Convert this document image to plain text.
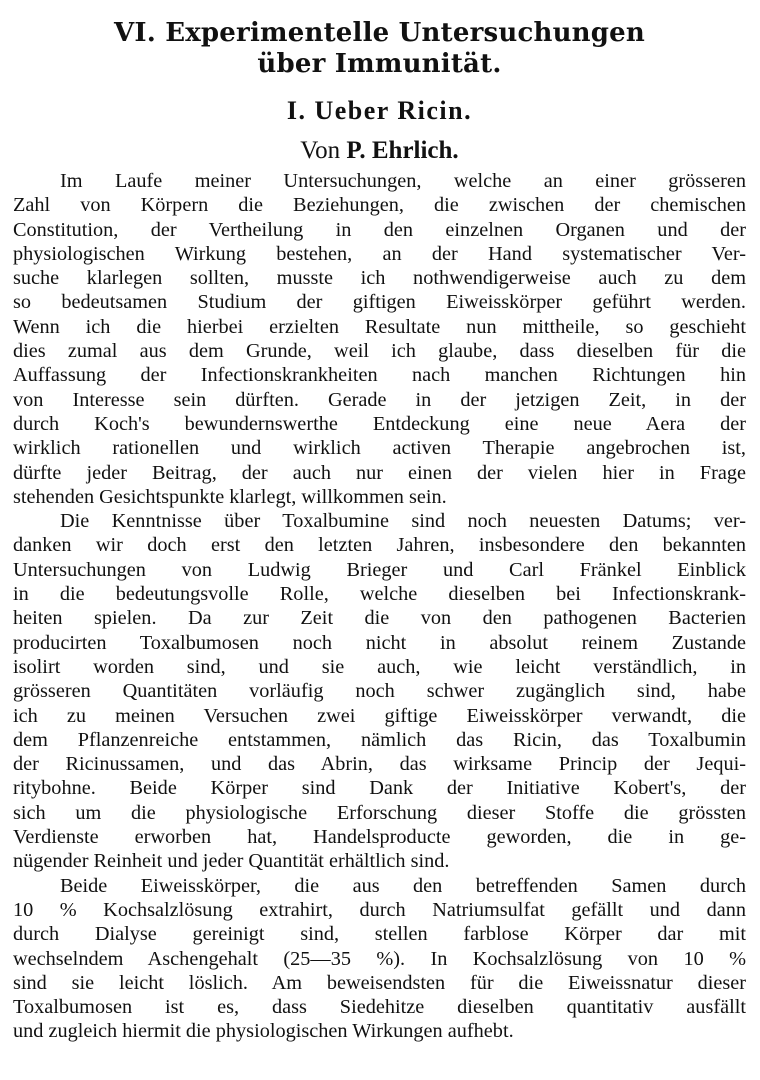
VI. Experimentelle Untersuchungen
über Immunität.
I. Ueber Ricin.
Von P. Ehrlich.

Im Laufe meiner Untersuchungen, welche an einer grösseren
Zahl von Körpern die Beziehungen, die zwischen der chemischen
Constitution, der Vertheilung in den einzelnen Organen und der
physiologischen Wirkung bestehen, an der Hand systematischer Ver-
suche klarlegen sollten, musste ich nothwendigerweise auch zu dem
so bedeutsamen Studium der giftigen Eiweisskörper geführt werden.
Wenn ich die hierbei erzielten Resultate nun mittheile, so geschieht
dies zumal aus dem Grunde, weil ich glaube, dass dieselben für die
Auffassung der Infectionskrankheiten nach manchen Richtungen hin
von Interesse sein dürften. Gerade in der jetzigen Zeit, in der
durch Koch's bewundernswerthe Entdeckung eine neue Aera der
wirklich rationellen und wirklich activen Therapie angebrochen ist,
dürfte jeder Beitrag, der auch nur einen der vielen hier in Frage
stehenden Gesichtspunkte klarlegt, willkommen sein.

Die Kenntnisse über Toxalbumine sind noch neuesten Datums; ver-
danken wir doch erst den letzten Jahren, insbesondere den bekannten
Untersuchungen von Ludwig Brieger und Carl Fränkel Einblick
in die bedeutungsvolle Rolle, welche dieselben bei Infectionskrank-
heiten spielen. Da zur Zeit die von den pathogenen Bacterien
producirten Toxalbumosen noch nicht in absolut reinem Zustande
isolirt worden sind, und sie auch, wie leicht verständlich, in
grösseren Quantitäten vorläufig noch schwer zugänglich sind, habe
ich zu meinen Versuchen zwei giftige Eiweisskörper verwandt, die
dem Pflanzenreiche entstammen, nämlich das Ricin, das Toxalbumin
der Ricinussamen, und das Abrin, das wirksame Princip der Jequi-
ritybohne. Beide Körper sind Dank der Initiative Kobert's, der
sich um die physiologische Erforschung dieser Stoffe die grössten
Verdienste erworben hat, Handelsproducte geworden, die in ge-
nügender Reinheit und jeder Quantität erhältlich sind.

Beide Eiweisskörper, die aus den betreffenden Samen durch
10 % Kochsalzlösung extrahirt, durch Natriumsulfat gefällt und dann
durch Dialyse gereinigt sind, stellen farblose Körper dar mit
wechselndem Aschengehalt (25—35 %). In Kochsalzlösung von 10 %
sind sie leicht löslich. Am beweisendsten für die Eiweissnatur dieser
Toxalbumosen ist es, dass Siedehitze dieselben quantitativ ausfällt
und zugleich hiermit die physiologischen Wirkungen aufhebt.
